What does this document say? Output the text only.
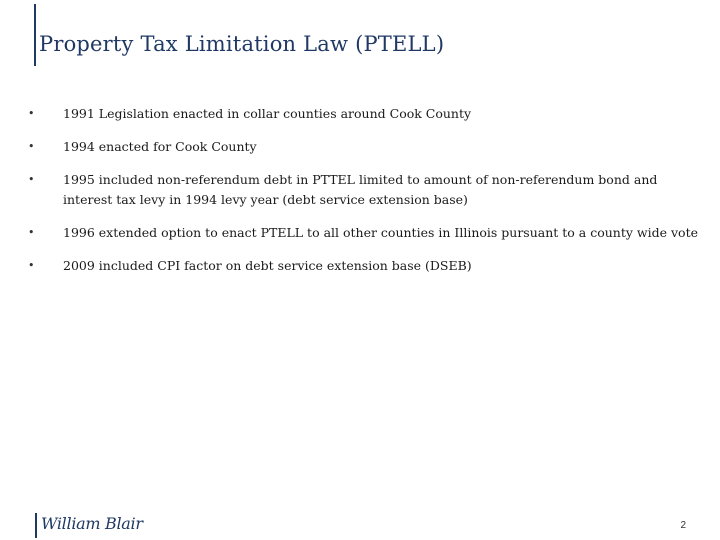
Property Tax Limitation Law (PTELL)
• 1991 Legislation enacted in collar counties around Cook County
• 1994 enacted for Cook County
• 1995 included non-referendum debt in PTTEL limited to amount of non-referendum bond and interest tax levy in 1994 levy year (debt service extension base)
• 1996 extended option to enact PTELL to all other counties in Illinois pursuant to a county wide vote
• 2009 included CPI factor on debt service extension base (DSEB)
William Blair	2
